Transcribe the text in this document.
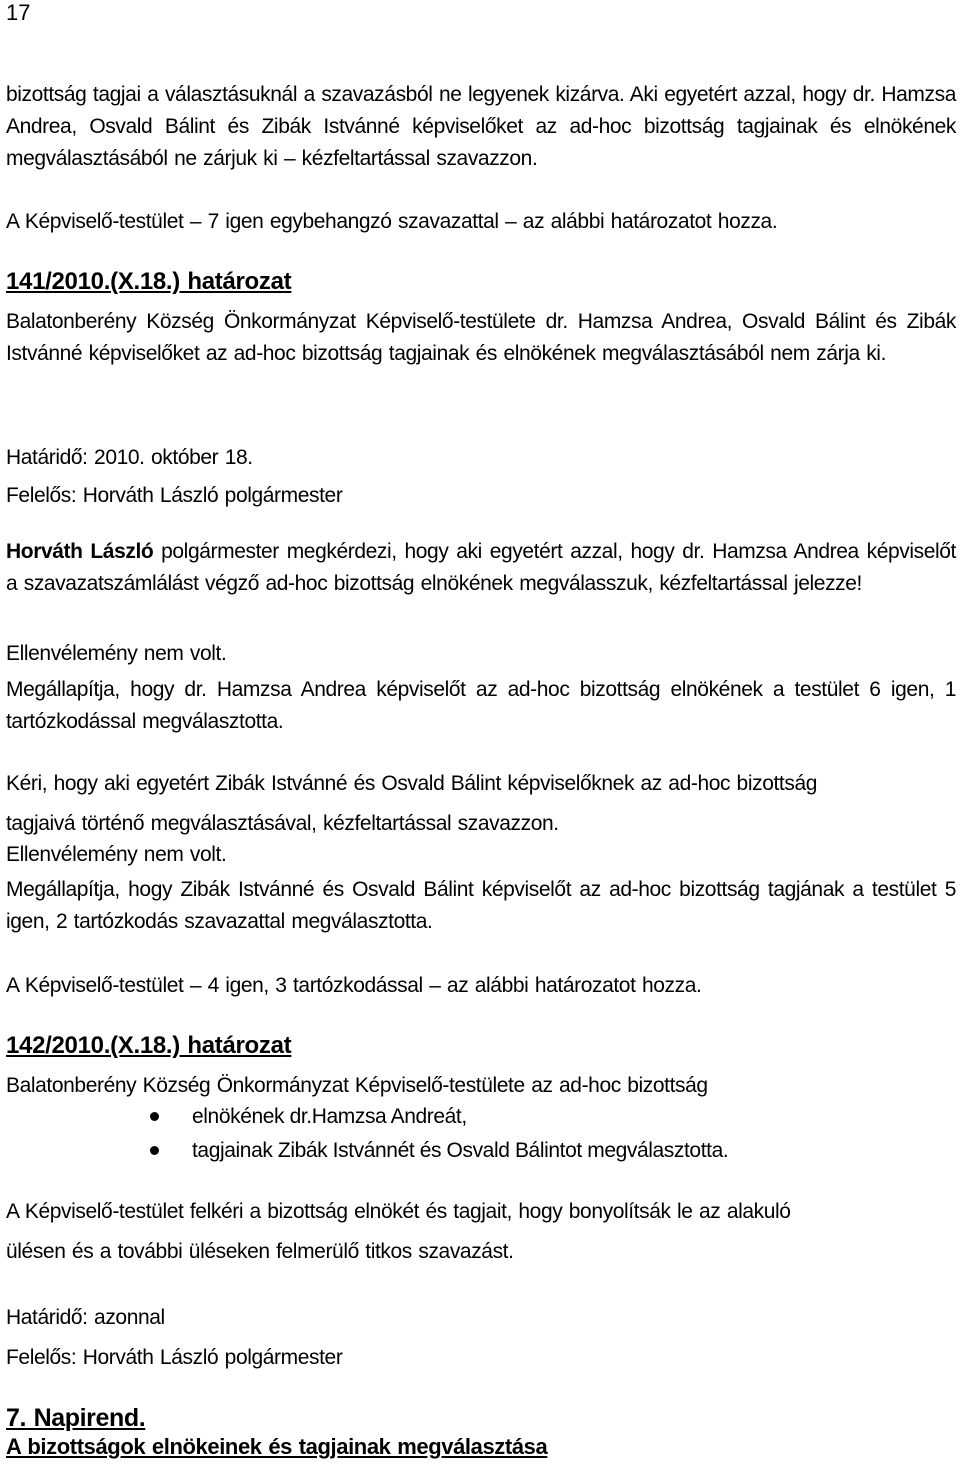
17
bizottság tagjai a választásuknál a szavazásból ne legyenek kizárva. Aki egyetért azzal, hogy dr. Hamzsa Andrea, Osvald Bálint és Zibák Istvánné képviselőket az ad-hoc bizottság tagjainak és elnökének megválasztásából ne zárjuk ki – kézfeltartással szavazzon.
A Képviselő-testület – 7 igen egybehangzó szavazattal – az alábbi határozatot hozza.
141/2010.(X.18.) határozat
Balatonberény Község Önkormányzat Képviselő-testülete dr. Hamzsa Andrea, Osvald Bálint és Zibák Istvánné képviselőket az ad-hoc bizottság tagjainak és elnökének megválasztásából nem zárja ki.
Határidő: 2010. október 18.
Felelős: Horváth László polgármester
Horváth László polgármester megkérdezi, hogy aki egyetért azzal, hogy dr. Hamzsa Andrea képviselőt a szavazatszámlálást végző ad-hoc bizottság elnökének megválasszuk, kézfeltartással jelezze!
Ellenvélemény nem volt.
Megállapítja, hogy dr. Hamzsa Andrea képviselőt az ad-hoc bizottság elnökének a testület 6 igen, 1 tartózkodással megválasztotta.
Kéri, hogy aki egyetért Zibák Istvánné és Osvald Bálint képviselőknek az ad-hoc bizottság
tagjaivá történő megválasztásával, kézfeltartással szavazzon.
Ellenvélemény nem volt.
Megállapítja, hogy Zibák Istvánné és Osvald Bálint képviselőt az ad-hoc bizottság tagjának a testület 5 igen, 2 tartózkodás szavazattal megválasztotta.
A Képviselő-testület – 4 igen, 3 tartózkodással – az alábbi határozatot hozza.
142/2010.(X.18.) határozat
Balatonberény Község Önkormányzat Képviselő-testülete az ad-hoc bizottság
elnökének dr.Hamzsa Andreát,
tagjainak Zibák Istvánnét és Osvald Bálintot megválasztotta.
A Képviselő-testület felkéri a bizottság elnökét és tagjait, hogy bonyolítsák le az alakuló
ülésen és a további üléseken felmerülő titkos szavazást.
Határidő: azonnal
Felelős: Horváth László polgármester
7. Napirend.
A bizottságok elnökeinek és tagjainak megválasztása
